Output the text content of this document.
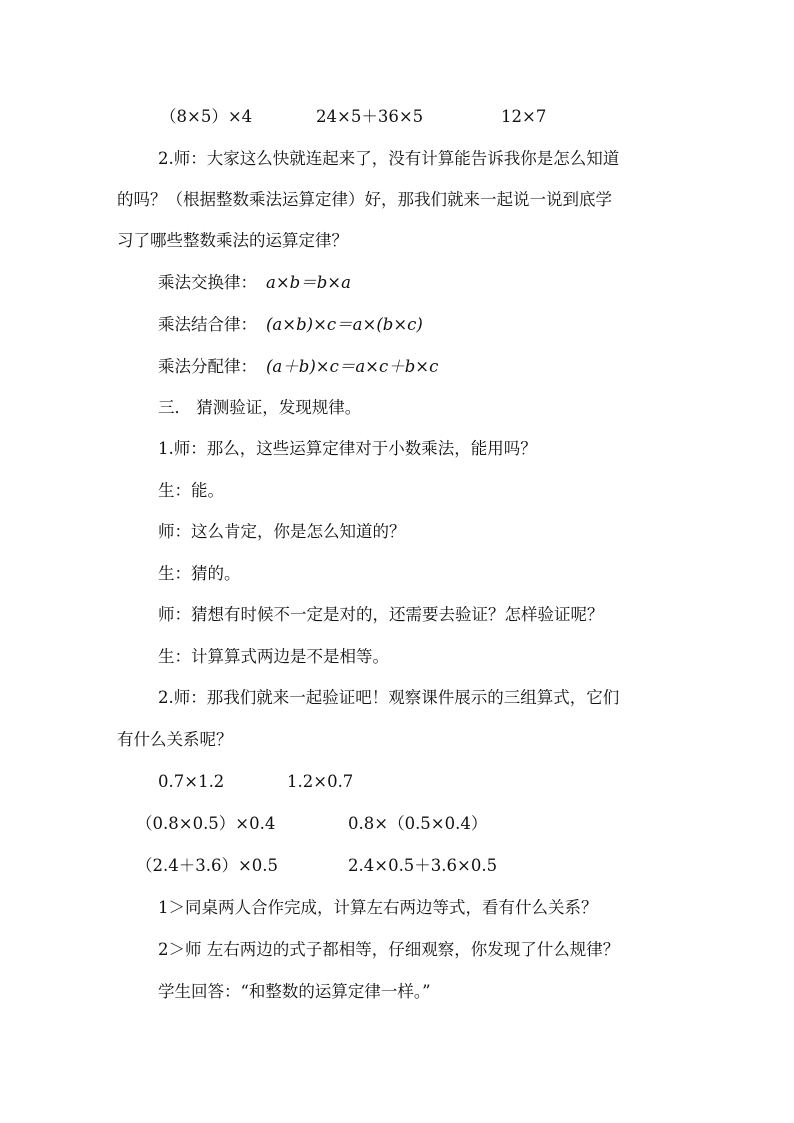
（8×5）×4	24×5＋36×5	12×7
2.师：大家这么快就连起来了，没有计算能告诉我你是怎么知道
的吗？（根据整数乘法运算定律）好，那我们就来一起说一说到底学
习了哪些整数乘法的运算定律？
乘法交换律： a×b＝b×a
乘法结合律： (a×b)×c＝a×(b×c)
乘法分配律： (a＋b)×c＝a×c＋b×c
三． 猜测验证，发现规律。
1.师：那么，这些运算定律对于小数乘法，能用吗？
生：能。
师：这么肯定，你是怎么知道的？
生：猜的。
师：猜想有时候不一定是对的，还需要去验证？怎样验证呢？
生：计算算式两边是不是相等。
2.师：那我们就来一起验证吧！观察课件展示的三组算式，它们
有什么关系呢？
0.7×1.2	1.2×0.7
（0.8×0.5）×0.4	0.8×（0.5×0.4）
（2.4＋3.6）×0.5	2.4×0.5＋3.6×0.5
1＞同桌两人合作完成，计算左右两边等式，看有什么关系？
2＞师 左右两边的式子都相等，仔细观察，你发现了什么规律？
学生回答：“和整数的运算定律一样。”
